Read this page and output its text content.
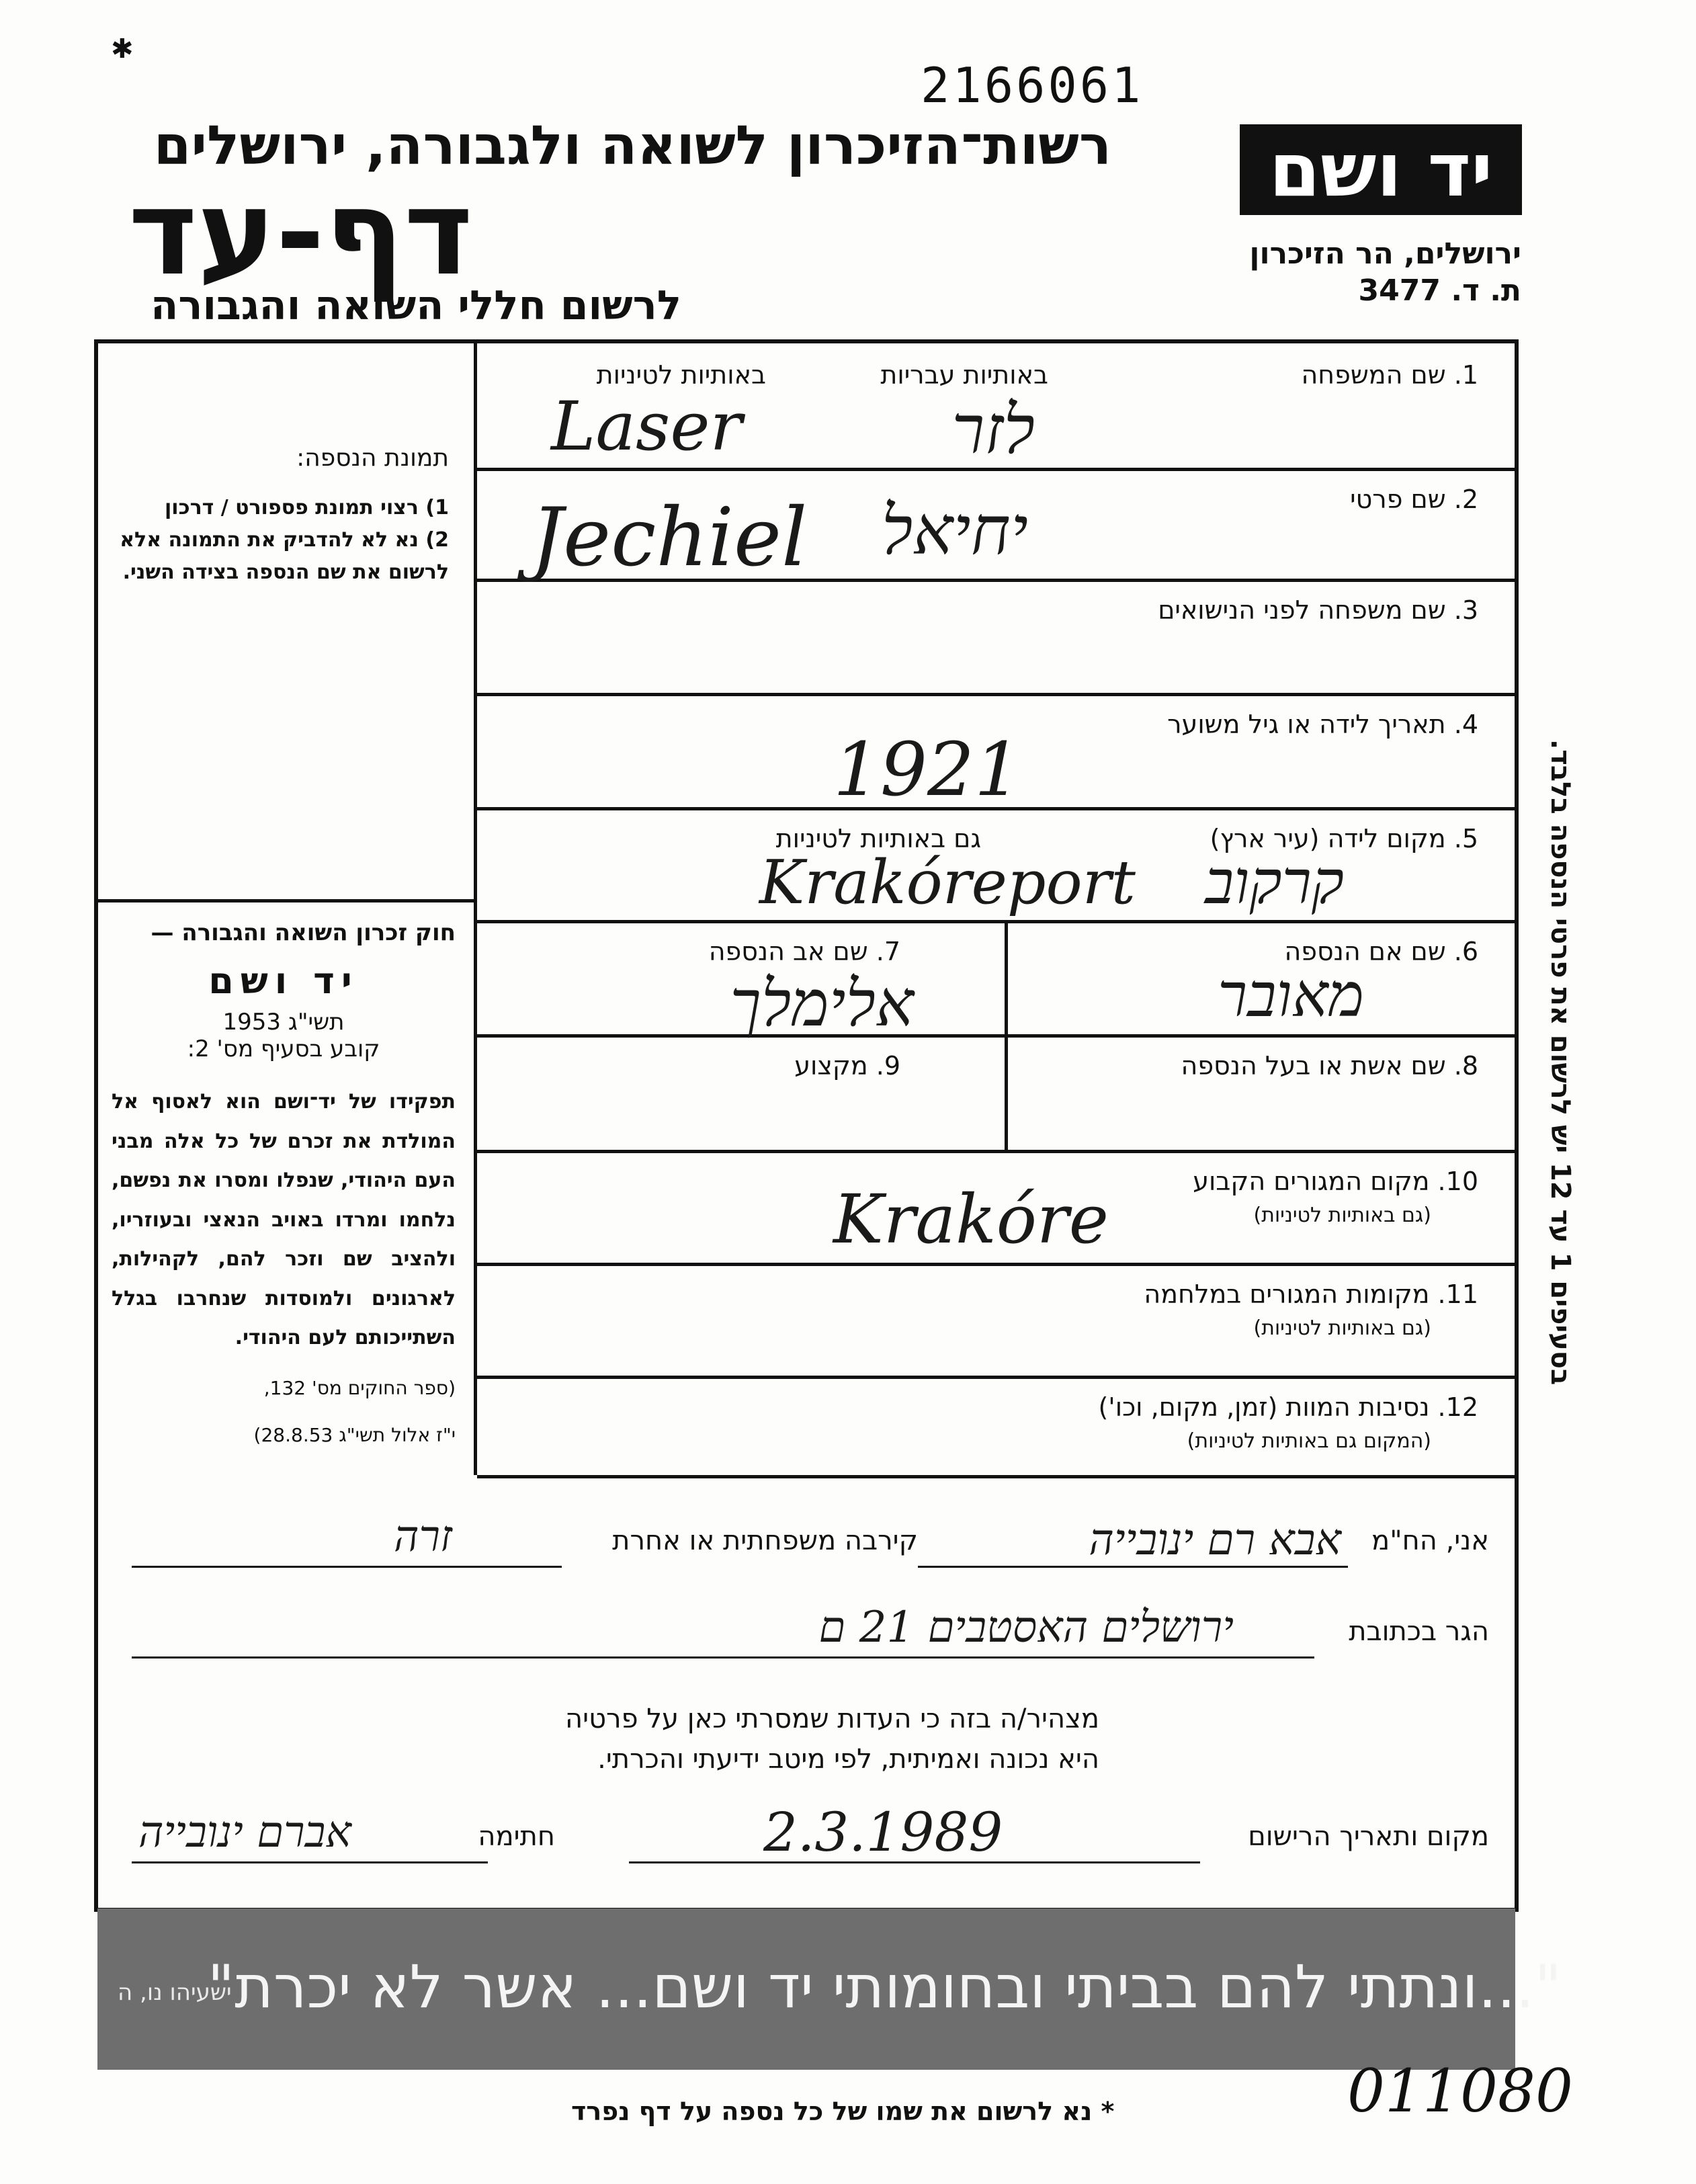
✱
2166061
רשות־הזיכרון לשואה ולגבורה, ירושלים
דף-עד
לרשום חללי השואה והגבורה
יד ושם
ירושלים, הר הזיכרון
ת. ד. 3477
תמונת הנספה:
1) רצוי תמונת פספורט / דרכון
2) נא לא להדביק את התמונה אלא לרשום את שם הנספה בצידה השני.
חוק זכרון השואה והגבורה —
יד ושם
תשי"ג 1953
קובע בסעיף מס' 2:
תפקידו של יד־ושם הוא לאסוף אל המולדת את זכרם של כל אלה מבני העם היהודי, שנפלו ומסרו את נפשם, נלחמו ומרדו באויב הנאצי ובעוזריו, ולהציב שם וזכר להם, לקהילות, לארגונים ולמוסדות שנחרבו בגלל השתייכותם לעם היהודי.
(ספר החוקים מס' 132,
י"ז אלול תשי"ג 28.8.53)
1. שם המשפחה
באותיות עבריות
באותיות לטיניות
לזר
Laser
2. שם פרטי
יחיאל
Jechiel
3. שם משפחה לפני הנישואים
4. תאריך לידה או גיל משוער
1921
5. מקום לידה (עיר ארץ)
גם באותיות לטיניות
קרקוב
Krakóreport
6. שם אם הנספה
7. שם אב הנספה
מאובר
אלימלך
8. שם אשת או בעל הנספה
9. מקצוע
10. מקום המגורים הקבוע
(גם באותיות לטיניות)
Krakóre
11. מקומות המגורים במלחמה
(גם באותיות לטיניות)
12. נסיבות המוות (זמן, מקום, וכו')
(המקום גם באותיות לטיניות)
אני, הח"מ
אבא רם ינובייה
קירבה משפחתית או אחרת
זרה
הגר בכתובת
ירושלים האסטבים 21 ם
מצהיר/ה בזה כי העדות שמסרתי כאן על פרטיה
היא נכונה ואמיתית, לפי מיטב ידיעתי והכרתי.
מקום ותאריך הרישום
2.3.1989
חתימה
אברם ינובייה
"...ונתתי להם בביתי ובחומותי יד ושם... אשר לא יכרת"
ישעיהו נו, ה
011080
* נא לרשום את שמו של כל נספה על דף נפרד
בסעיפים 1 עד 12 יש לרשום את פרטי הנספה בלבד.
